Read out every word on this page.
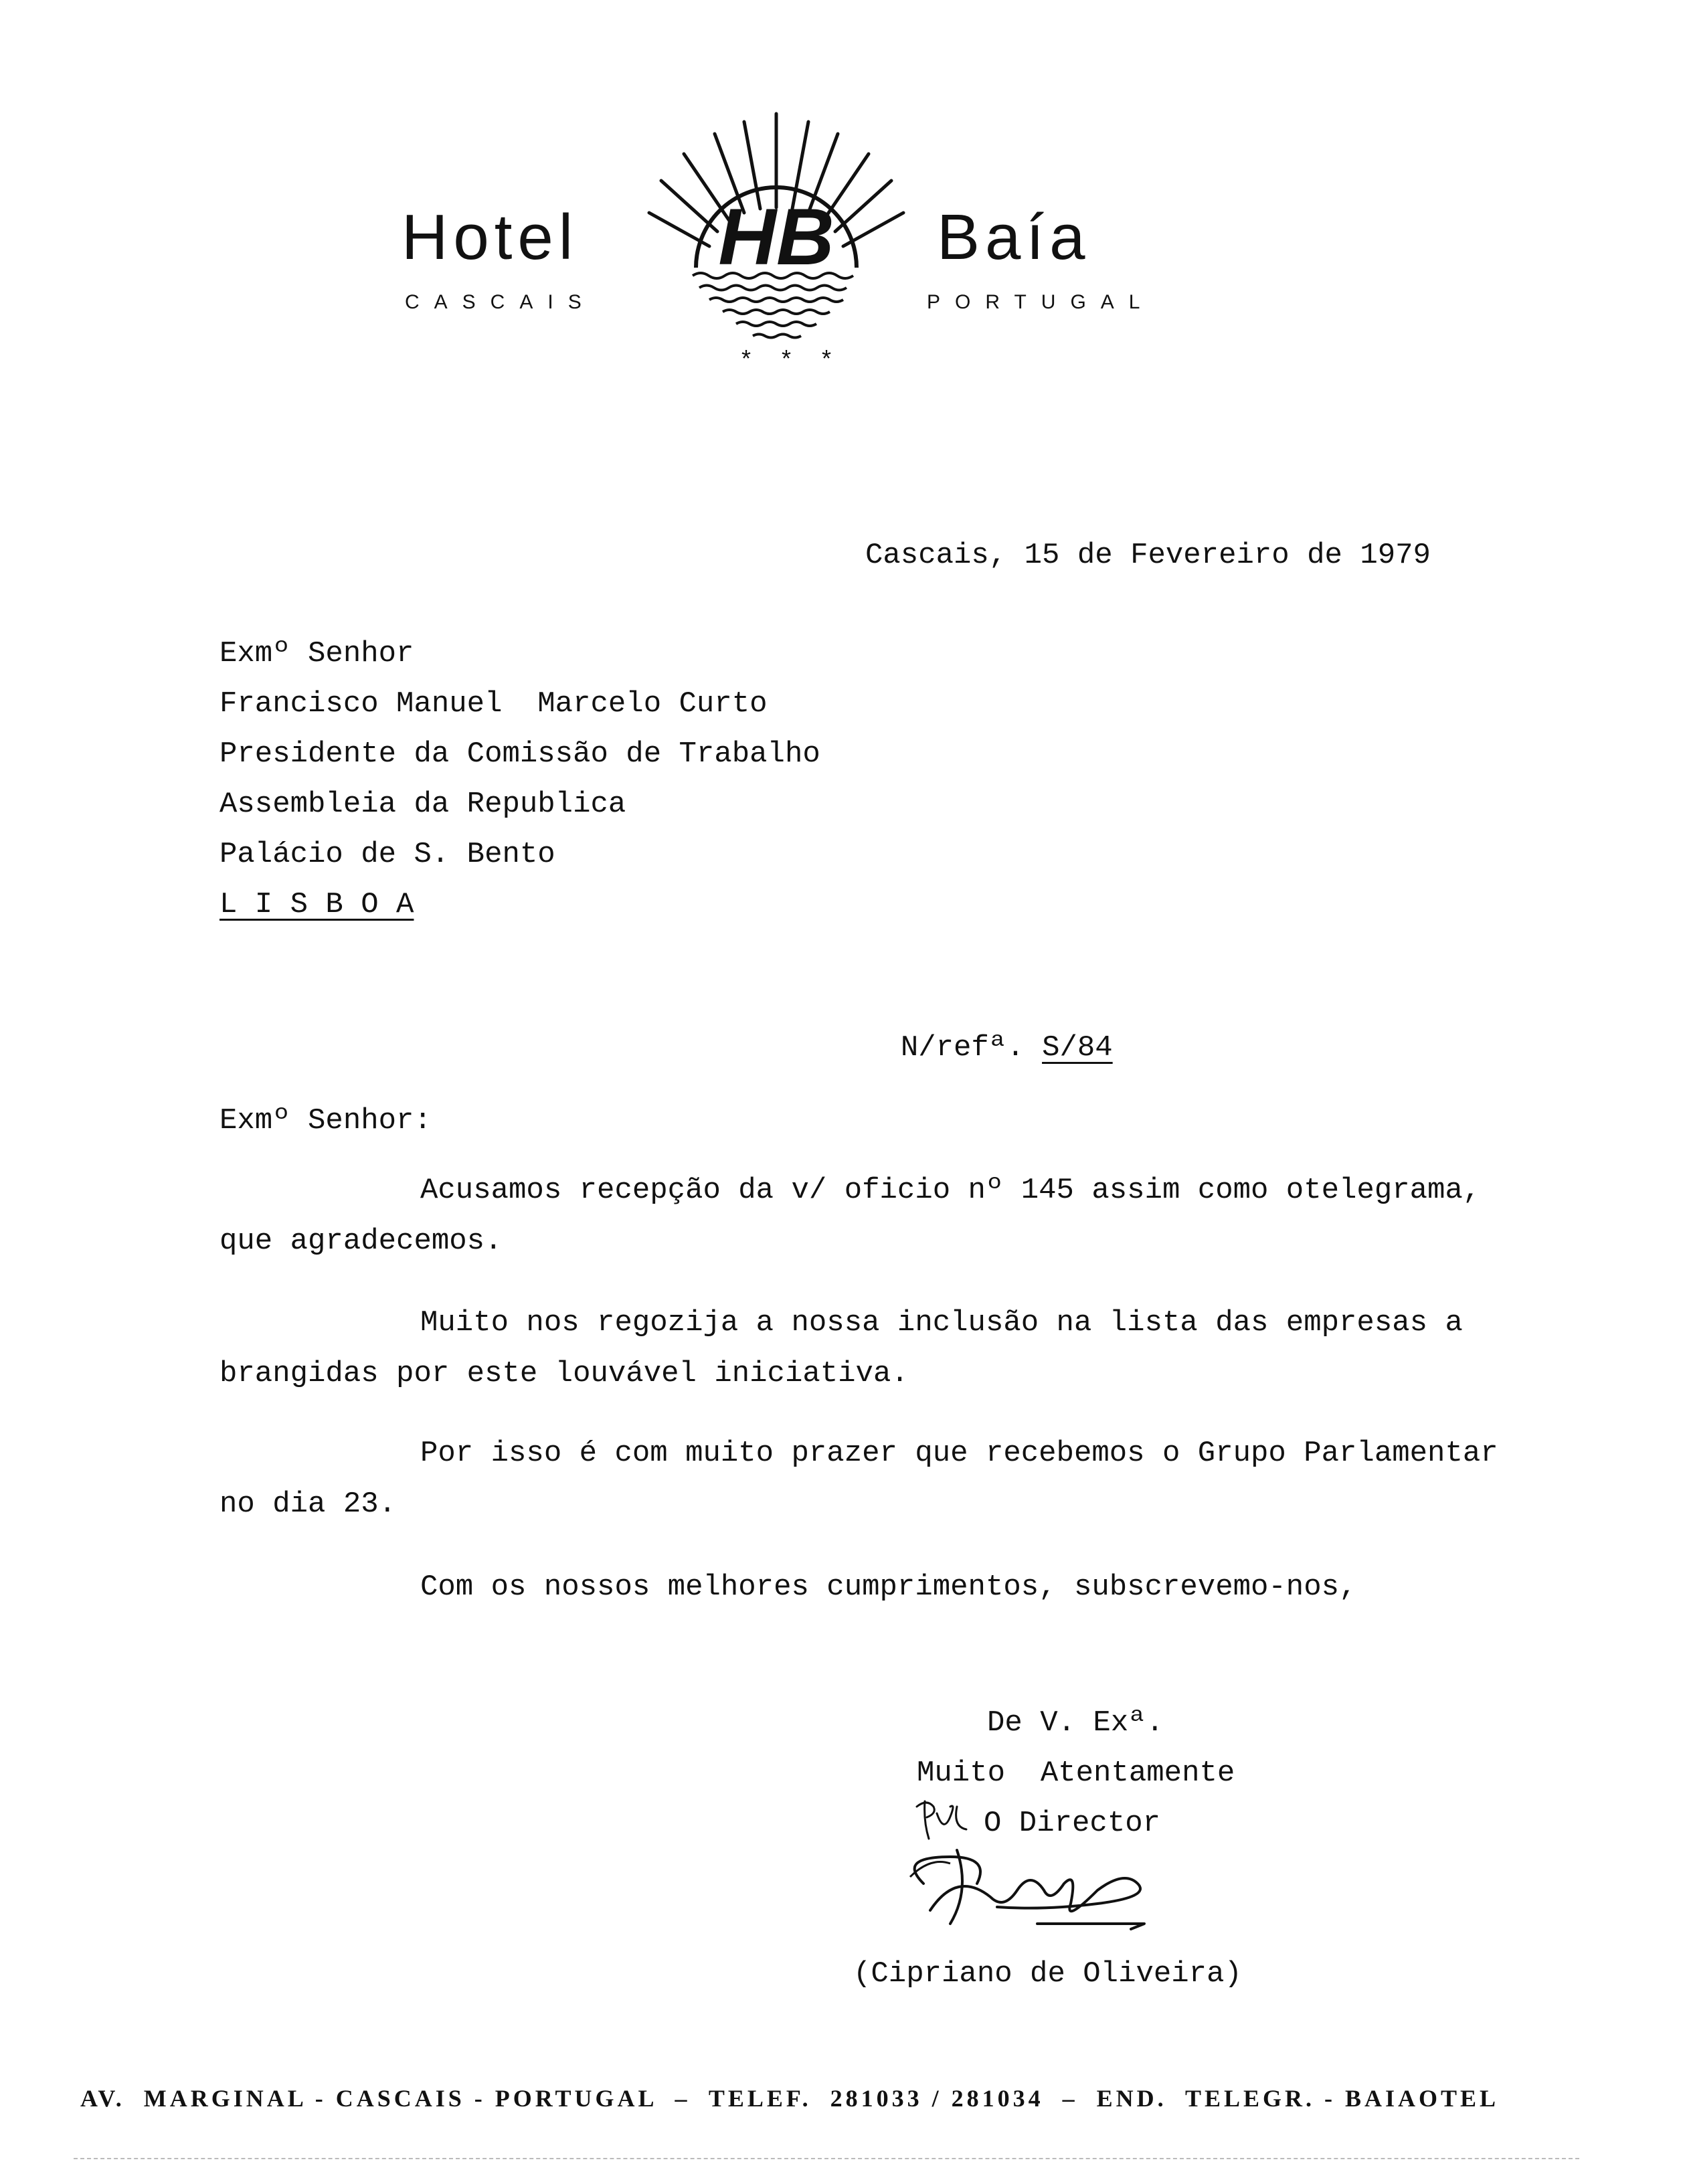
HB
Hotel	Baía
CASCAIS	PORTUGAL
* * *
Cascais, 15 de Fevereiro de 1979
Exmº Senhor
Francisco Manuel  Marcelo Curto
Presidente da Comissão de Trabalho
Assembleia da Republica
Palácio de S. Bento
L I S B O A

N/refª. S/84

Exmº Senhor:
Acusamos recepção da v/ oficio nº 145 assim como otelegrama,
que agradecemos.
Muito nos regozija a nossa inclusão na lista das empresas a
brangidas por este louvável iniciativa.
Por isso é com muito prazer que recebemos o Grupo Parlamentar
no dia 23.
Com os nossos melhores cumprimentos, subscrevemo-nos,
De V. Exª.
Muito  Atentamente
O Director
(Cipriano de Oliveira)
AV.  MARGINAL - CASCAIS - PORTUGAL  –  TELEF.  281033 / 281034  –  END.  TELEGR. - BAIAOTEL
